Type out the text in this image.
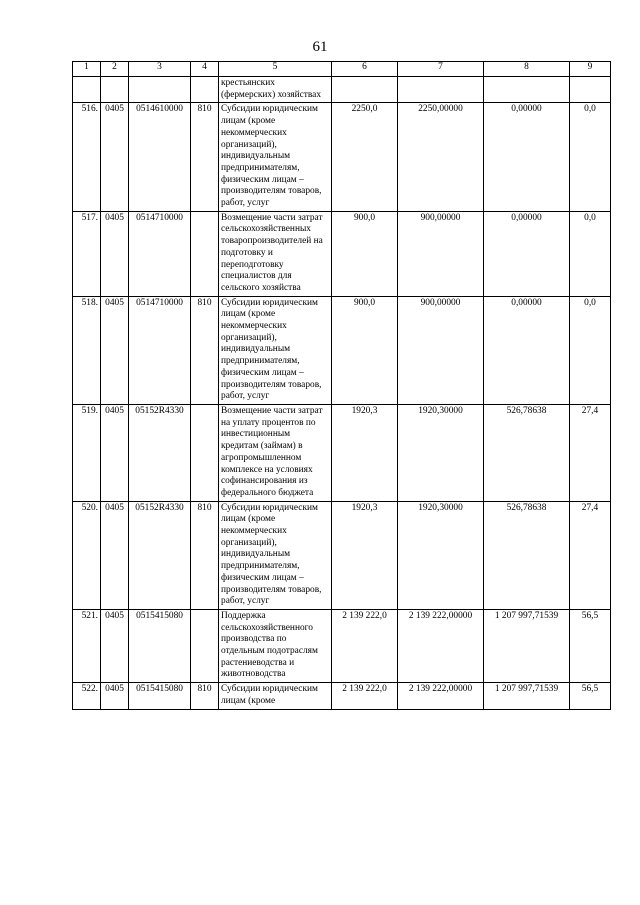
61
1	2	3	4	5	6	7	8	9
				крестьянских (фермерских) хозяйствах				
516.	0405	0514610000	810	Субсидии юридическим лицам (кроме некоммерческих организаций), индивидуальным предпринимателям, физическим лицам – производителям товаров, работ, услуг	2250,0	2250,00000	0,00000	0,0
517.	0405	0514710000		Возмещение части затрат сельскохозяйственных товаропроизводителей на подготовку и переподготовку специалистов для сельского хозяйства	900,0	900,00000	0,00000	0,0
518.	0405	0514710000	810	Субсидии юридическим лицам (кроме некоммерческих организаций), индивидуальным предпринимателям, физическим лицам – производителям товаров, работ, услуг	900,0	900,00000	0,00000	0,0
519.	0405	05152R4330		Возмещение части затрат на уплату процентов по инвестиционным кредитам (займам) в агропромышленном комплексе на условиях софинансирования из федерального бюджета	1920,3	1920,30000	526,78638	27,4
520.	0405	05152R4330	810	Субсидии юридическим лицам (кроме некоммерческих организаций), индивидуальным предпринимателям, физическим лицам – производителям товаров, работ, услуг	1920,3	1920,30000	526,78638	27,4
521.	0405	0515415080		Поддержка сельскохозяйственного производства по отдельным подотраслям растениеводства и животноводства	2 139 222,0	2 139 222,00000	1 207 997,71539	56,5
522.	0405	0515415080	810	Субсидии юридическим лицам (кроме	2 139 222,0	2 139 222,00000	1 207 997,71539	56,5
